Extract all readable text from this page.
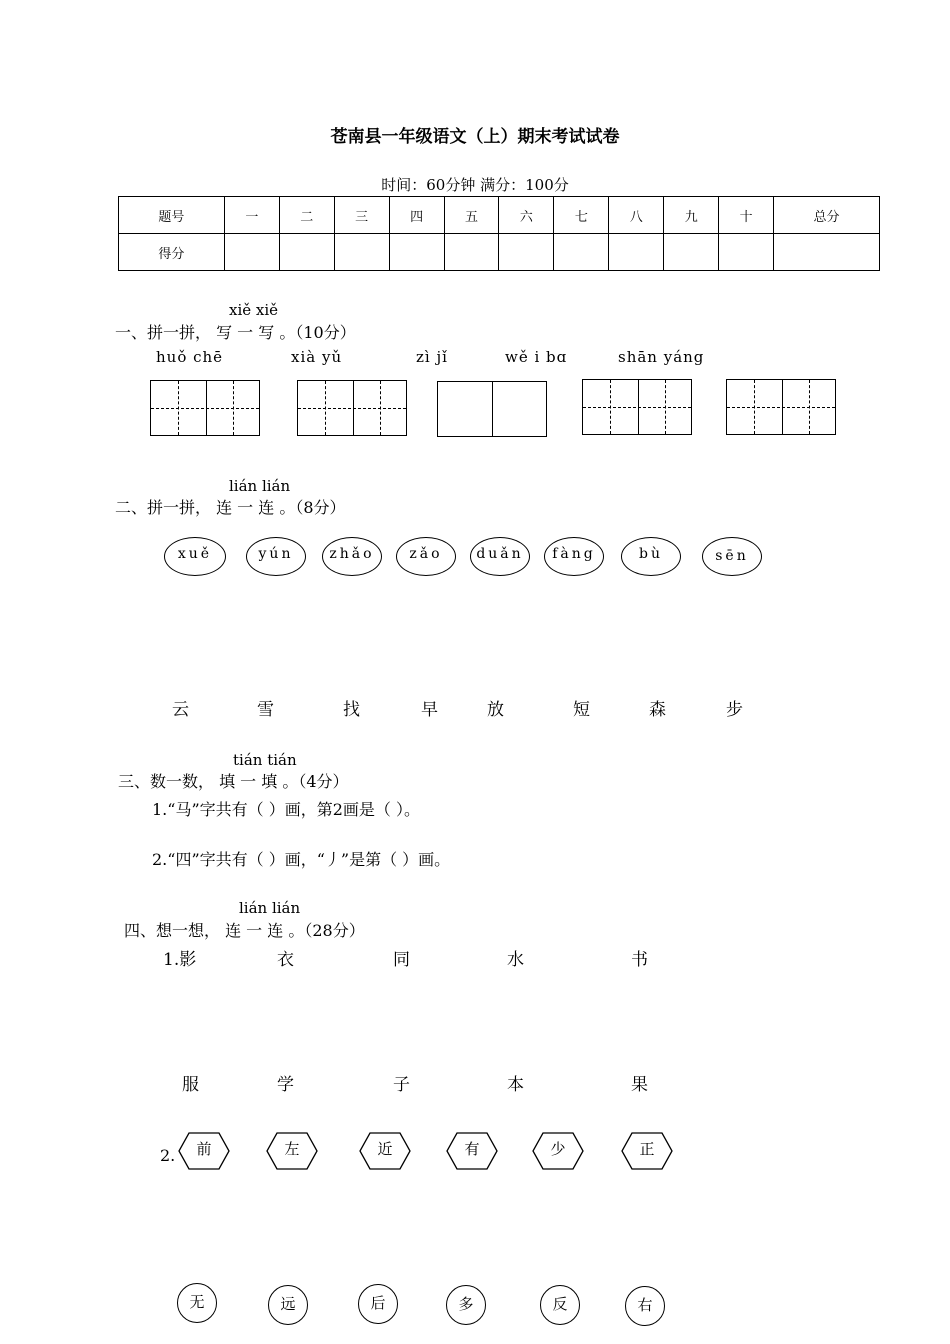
苍南县一年级语文（上）期末考试试卷
时间：60分钟 满分：100分
题号	一	二	三	四	五	六	七	八	九	十	总分
得分											
xiě xiě
一、拼一拼， 写 一 写 。（10分）
huǒ chē	xià yǔ	zì jǐ	wě i bɑ	shān yáng
lián lián
二、拼一拼， 连 一 连 。（8分）
xuě	yún	zhǎo	zǎo	duǎn	fàng	bù	sēn
云	雪	找	早	放	短	森	步
tián tián
三、数一数， 填 一 填 。（4分）
1.“马”字共有（ ）画，第2画是（ ）。
2.“四”字共有（ ）画，“丿”是第（ ）画。
lián lián
四、想一想， 连 一 连 。（28分）
1.影	衣	同	水	书
服	学	子	本	果
2.	前	左	近	有	少	正
无	远	后	多	反	右
